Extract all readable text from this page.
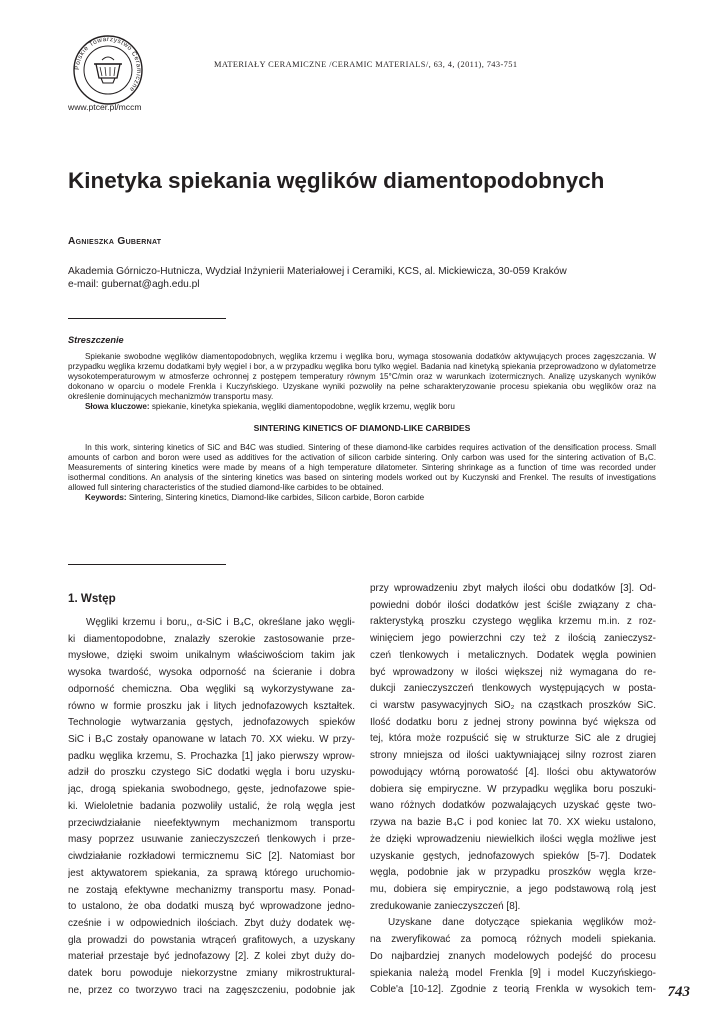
Polskie Towarzystwo Ceramiczne
www.ptcer.pl/mccm
MATERIAŁY CERAMICZNE /CERAMIC MATERIALS/, 63, 4, (2011), 743-751
Kinetyka spiekania węglików diamentopodobnych
Agnieszka Gubernat
Akademia Górniczo-Hutnicza, Wydział Inżynierii Materiałowej i Ceramiki, KCS, al. Mickiewicza, 30-059 Kraków
e-mail: gubernat@agh.edu.pl
Streszczenie

Spiekanie swobodne węglików diamentopodobnych, węglika krzemu i węglika boru, wymaga stosowania dodatków aktywujących proces zagęszczania. W przypadku węglika krzemu dodatkami były węgiel i bor, a w przypadku węglika boru tylko węgiel. Badania nad kinetyką spiekania przeprowadzono w dylatometrze wysokotemperaturowym w atmosferze ochronnej z postępem temperatury równym 15°C/min oraz w warunkach izotermicznych. Analizę uzyskanych wyników dokonano w oparciu o modele Frenkla i Kuczyńskiego. Uzyskane wyniki pozwoliły na pełne scharakteryzowanie procesu spiekania obu węglików oraz na określenie dominujących mechanizmów transportu masy.

Słowa kluczowe: spiekanie, kinetyka spiekania, węgliki diamentopodobne, węglik krzemu, węglik boru

SINTERING KINETICS OF DIAMOND-LIKE CARBIDES

In this work, sintering kinetics of SiC and B4C was studied. Sintering of these diamond-like carbides requires activation of the densification process. Small amounts of carbon and boron were used as additives for the activation of silicon carbide sintering. Only carbon was used for the sintering activation of B₄C. Measurements of sintering kinetics were made by means of a high temperature dilatometer. Sintering shrinkage as a function of time was recorded under isothermal conditions. An analysis of the sintering kinetics was based on sintering models worked out by Kuczynski and Frenkel. The results of investigations allowed full sintering characteristics of the studied diamond-like carbides to be obtained.

Keywords: Sintering, Sintering kinetics, Diamond-like carbides, Silicon carbide, Boron carbide

1. Wstęp
Węgliki krzemu i boru,, α-SiC i B₄C, określane jako węgli-
ki diamentopodobne, znalazły szerokie zastosowanie prze-
mysłowe, dzięki swoim unikalnym właściwościom takim jak
wysoka twardość, wysoka odporność na ścieranie i dobra
odporność chemiczna. Oba węgliki są wykorzystywane za-
równo w formie proszku jak i litych jednofazowych kształtek.
Technologie wytwarzania gęstych, jednofazowych spieków
SiC i B₄C zostały opanowane w latach 70. XX wieku. W przy-
padku węglika krzemu, S. Prochazka [1] jako pierwszy wprow-
adził do proszku czystego SiC dodatki węgla i boru uzysku-
jąc, drogą spiekania swobodnego, gęste, jednofazowe spie-
ki. Wieloletnie badania pozwoliły ustalić, że rolą węgla jest
przeciwdziałanie nieefektywnym mechanizmom transportu
masy poprzez usuwanie zanieczyszczeń tlenkowych i prze-
ciwdziałanie rozkładowi termicznemu SiC [2]. Natomiast bor
jest aktywatorem spiekania, za sprawą którego uruchomio-
ne zostają efektywne mechanizmy transportu masy. Ponad-
to ustalono, że oba dodatki muszą być wprowadzone jedno-
cześnie i w odpowiednich ilościach. Zbyt duży dodatek wę-
gla prowadzi do powstania wtrąceń grafitowych, a uzyskany
materiał przestaje być jednofazowy [2]. Z kolei zbyt duży do-
datek boru powoduje niekorzystne zmiany mikrostruktural-
ne, przez co tworzywo traci na zagęszczeniu, podobnie jak
przy wprowadzeniu zbyt małych ilości obu dodatków [3]. Od-
powiedni dobór ilości dodatków jest ściśle związany z cha-
rakterystyką proszku czystego węglika krzemu m.in. z roz-
winięciem jego powierzchni czy też z ilością zanieczysz-
czeń tlenkowych i metalicznych. Dodatek węgla powinien
być wprowadzony w ilości większej niż wymagana do re-
dukcji zanieczyszczeń tlenkowych występujących w posta-
ci warstw pasywacyjnych SiO₂ na cząstkach proszków SiC.
Ilość dodatku boru z jednej strony powinna być większa od
tej, która może rozpuścić się w strukturze SiC ale z drugiej
strony mniejsza od ilości uaktywniającej silny rozrost ziaren
powodujący wtórną porowatość [4]. Ilości obu aktywatorów
dobiera się empiryczne. W przypadku węglika boru poszuki-
wano różnych dodatków pozwalających uzyskać gęste two-
rzywa na bazie B₄C i pod koniec lat 70. XX wieku ustalono,
że dzięki wprowadzeniu niewielkich ilości węgla możliwe jest
uzyskanie gęstych, jednofazowych spieków [5-7]. Dodatek
węgla, podobnie jak w przypadku proszków węgla krze-
mu, dobiera się empirycznie, a jego podstawową rolą jest
zredukowanie zanieczyszczeń [8].
Uzyskane dane dotyczące spiekania węglików moż-
na zweryfikować za pomocą różnych modeli spiekania.
Do najbardziej znanych modelowych podejść do procesu
spiekania należą model Frenkla [9] i model Kuczyńskiego-
Coble'a [10-12]. Zgodnie z teorią Frenkla w wysokich tem- 743
